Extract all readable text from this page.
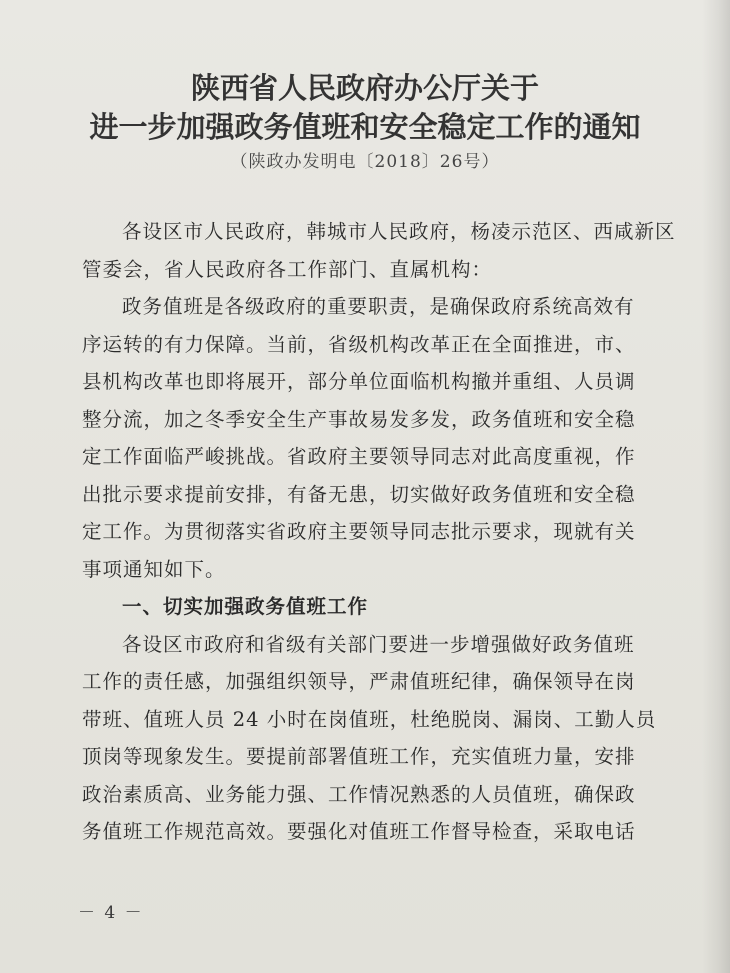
陕西省人民政府办公厅关于
进一步加强政务值班和安全稳定工作的通知
（陕政办发明电〔2018〕26号）
各设区市人民政府，韩城市人民政府，杨凌示范区、西咸新区
管委会，省人民政府各工作部门、直属机构：
政务值班是各级政府的重要职责，是确保政府系统高效有
序运转的有力保障。当前，省级机构改革正在全面推进，市、
县机构改革也即将展开，部分单位面临机构撤并重组、人员调
整分流，加之冬季安全生产事故易发多发，政务值班和安全稳
定工作面临严峻挑战。省政府主要领导同志对此高度重视，作
出批示要求提前安排，有备无患，切实做好政务值班和安全稳
定工作。为贯彻落实省政府主要领导同志批示要求，现就有关
事项通知如下。
一、切实加强政务值班工作
各设区市政府和省级有关部门要进一步增强做好政务值班
工作的责任感，加强组织领导，严肃值班纪律，确保领导在岗
带班、值班人员 24 小时在岗值班，杜绝脱岗、漏岗、工勤人员
顶岗等现象发生。要提前部署值班工作，充实值班力量，安排
政治素质高、业务能力强、工作情况熟悉的人员值班，确保政
务值班工作规范高效。要强化对值班工作督导检查，采取电话
－ 4 －
